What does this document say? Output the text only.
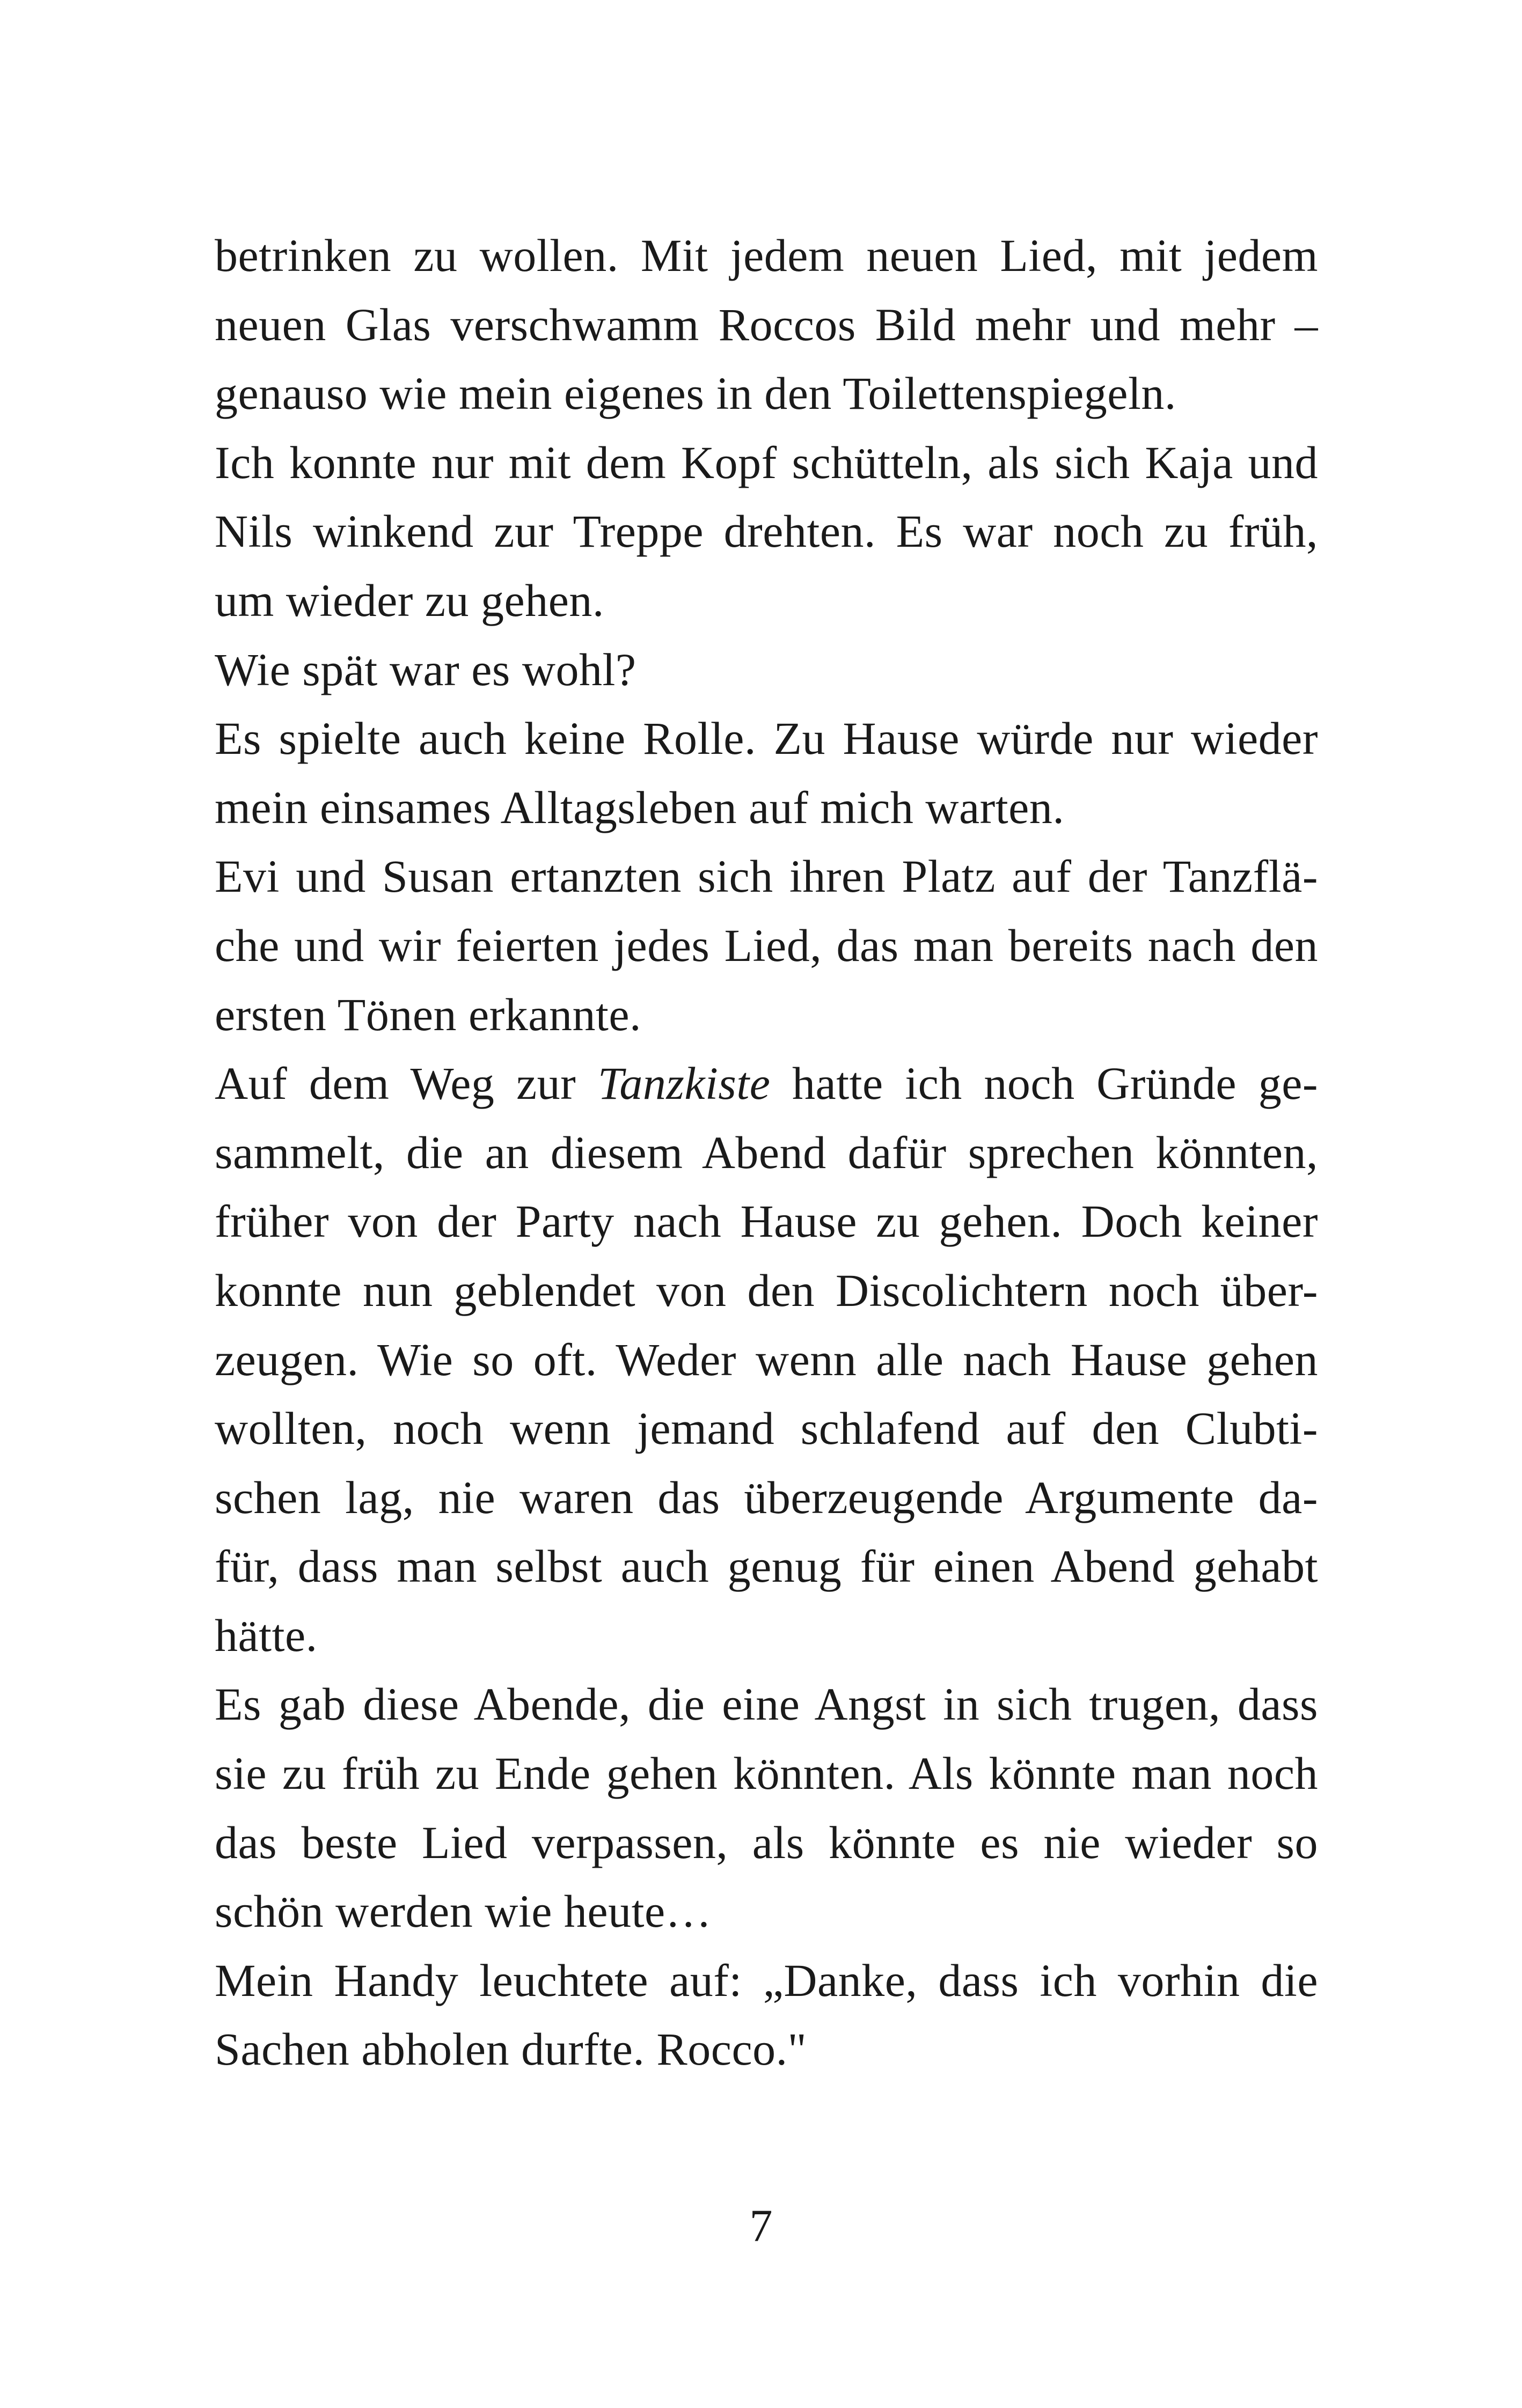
betrinken zu wollen. Mit jedem neuen Lied, mit jedem
neuen Glas verschwamm Roccos Bild mehr und mehr –
genauso wie mein eigenes in den Toilettenspiegeln.
Ich konnte nur mit dem Kopf schütteln, als sich Kaja und
Nils winkend zur Treppe drehten. Es war noch zu früh,
um wieder zu gehen.
Wie spät war es wohl?
Es spielte auch keine Rolle. Zu Hause würde nur wieder
mein einsames Alltagsleben auf mich warten.
Evi und Susan ertanzten sich ihren Platz auf der Tanzflä-
che und wir feierten jedes Lied, das man bereits nach den
ersten Tönen erkannte.
Auf dem Weg zur Tanzkiste hatte ich noch Gründe ge-
sammelt, die an diesem Abend dafür sprechen könnten,
früher von der Party nach Hause zu gehen. Doch keiner
konnte nun geblendet von den Discolichtern noch über-
zeugen. Wie so oft. Weder wenn alle nach Hause gehen
wollten, noch wenn jemand schlafend auf den Clubti-
schen lag, nie waren das überzeugende Argumente da-
für, dass man selbst auch genug für einen Abend gehabt
hätte.
Es gab diese Abende, die eine Angst in sich trugen, dass
sie zu früh zu Ende gehen könnten. Als könnte man noch
das beste Lied verpassen, als könnte es nie wieder so
schön werden wie heute…
Mein Handy leuchtete auf: „Danke, dass ich vorhin die
Sachen abholen durfte. Rocco."
7
